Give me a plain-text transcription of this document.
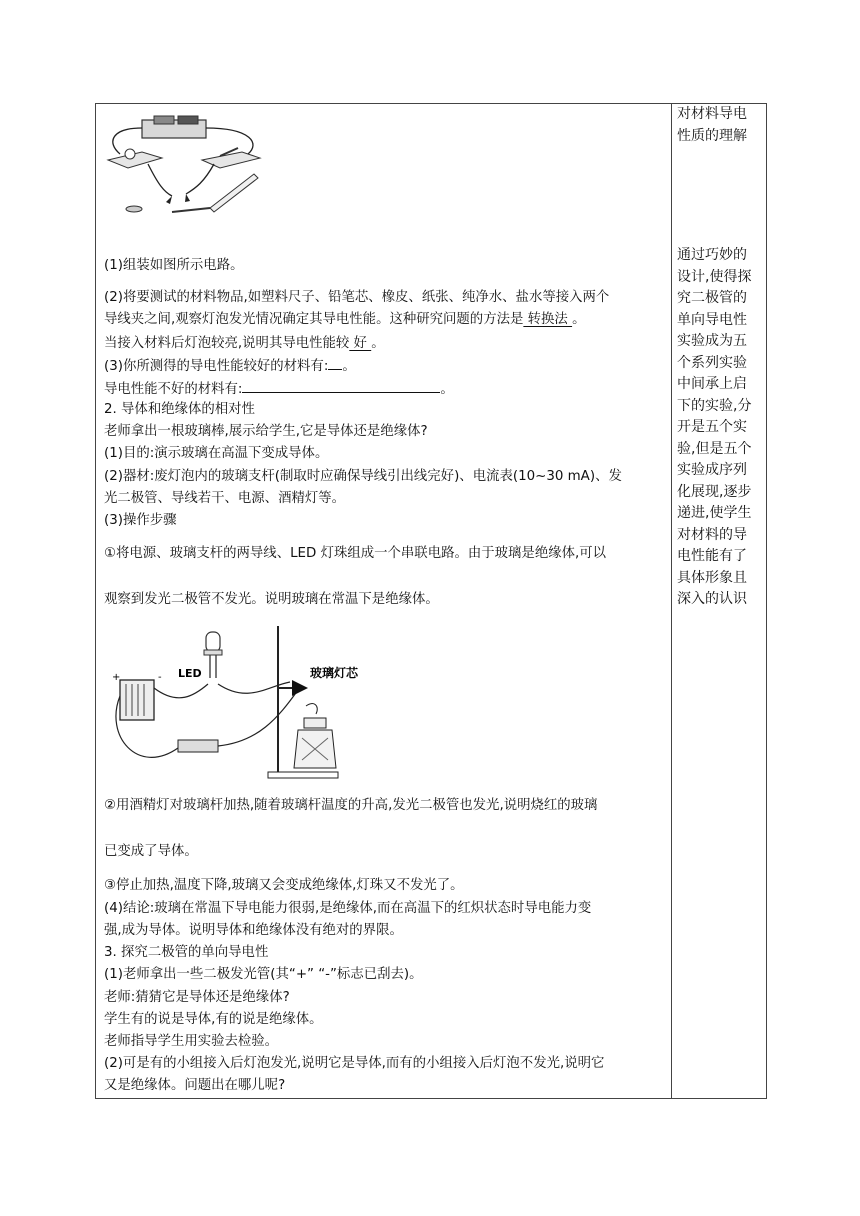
对材料导电
性质的理解
通过巧妙的
设计,使得探
究二极管的
单向导电性
实验成为五
个系列实验
中间承上启
下的实验,分
开是五个实
验,但是五个
实验成序列
化展现,逐步
递进,使学生
对材料的导
电性能有了
具体形象且
深入的认识
(1)组装如图所示电路。
(2)将要测试的材料物品,如塑料尺子、铅笔芯、橡皮、纸张、纯净水、盐水等接入两个
导线夹之间,观察灯泡发光情况确定其导电性能。这种研究问题的方法是 转换法 。
当接入材料后灯泡较亮,说明其导电性能较 好 。
(3)你所测得的导电性能较好的材料有: 。
导电性能不好的材料有:	。
2. 导体和绝缘体的相对性
老师拿出一根玻璃棒,展示给学生,它是导体还是绝缘体?
(1)目的:演示玻璃在高温下变成导体。
(2)器材:废灯泡内的玻璃支杆(制取时应确保导线引出线完好)、电流表(10~30 mA)、发
光二极管、导线若干、电源、酒精灯等。
(3)操作步骤
①将电源、玻璃支杆的两导线、LED 灯珠组成一个串联电路。由于玻璃是绝缘体,可以
观察到发光二极管不发光。说明玻璃在常温下是绝缘体。
LED	玻璃灯芯
+	-
②用酒精灯对玻璃杆加热,随着玻璃杆温度的升高,发光二极管也发光,说明烧红的玻璃
已变成了导体。
③停止加热,温度下降,玻璃又会变成绝缘体,灯珠又不发光了。
(4)结论:玻璃在常温下导电能力很弱,是绝缘体,而在高温下的红炽状态时导电能力变
强,成为导体。说明导体和绝缘体没有绝对的界限。
3. 探究二极管的单向导电性
(1)老师拿出一些二极发光管(其“+” “-”标志已刮去)。
老师:猜猜它是导体还是绝缘体?
学生有的说是导体,有的说是绝缘体。
老师指导学生用实验去检验。
(2)可是有的小组接入后灯泡发光,说明它是导体,而有的小组接入后灯泡不发光,说明它
又是绝缘体。问题出在哪儿呢?
